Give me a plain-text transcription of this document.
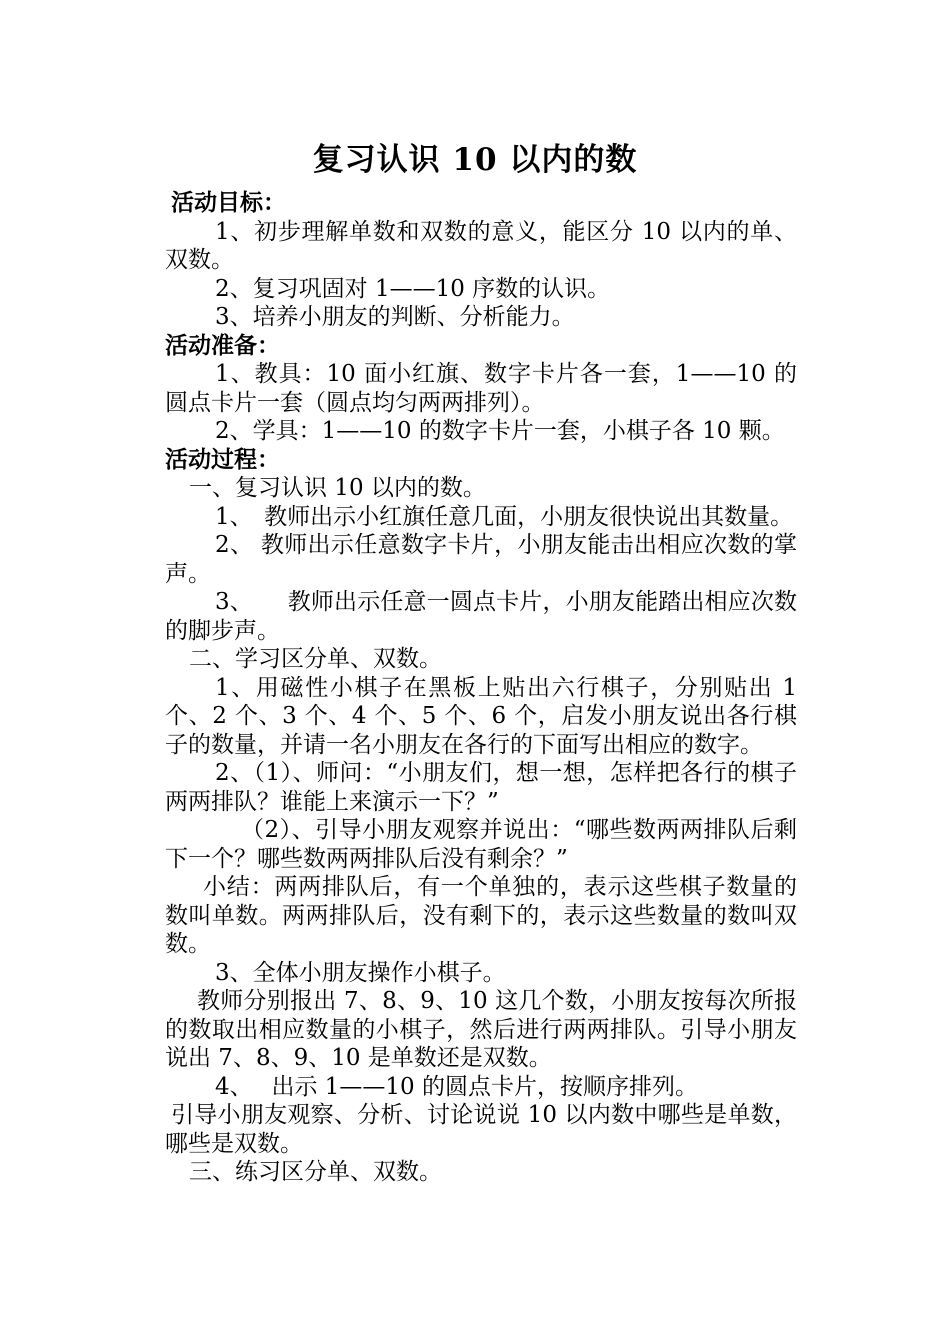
复习认识 10 以内的数

活动目标：

1、初步理解单数和双数的意义，能区分 10 以内的单、双数。

2、复习巩固对 1——10 序数的认识。

3、培养小朋友的判断、分析能力。

活动准备：

1、教具：10 面小红旗、数字卡片各一套，1——10 的圆点卡片一套（圆点均匀两两排列）。

2、学具：1——10 的数字卡片一套，小棋子各 10 颗。

活动过程：

一、复习认识 10 以内的数。

1、　教师出示小红旗任意几面，小朋友很快说出其数量。

2、 教师出示任意数字卡片，小朋友能击出相应次数的掌声。

3、　　教师出示任意一圆点卡片，小朋友能踏出相应次数的脚步声。

二、学习区分单、双数。

1、用磁性小棋子在黑板上贴出六行棋子，分别贴出 1 个、2 个、3 个、4 个、5 个、6 个，启发小朋友说出各行棋子的数量，并请一名小朋友在各行的下面写出相应的数字。

2、（1）、师问：“小朋友们，想一想，怎样把各行的棋子两两排队？谁能上来演示一下？”

（2）、引导小朋友观察并说出：“哪些数两两排队后剩下一个？哪些数两两排队后没有剩余？”

小结：两两排队后，有一个单独的，表示这些棋子数量的数叫单数。两两排队后，没有剩下的，表示这些数量的数叫双数。

3、全体小朋友操作小棋子。

教师分别报出 7、8、9、10 这几个数，小朋友按每次所报的数取出相应数量的小棋子，然后进行两两排队。引导小朋友说出 7、8、9、10 是单数还是双数。

4、　 出示 1——10 的圆点卡片，按顺序排列。

引导小朋友观察、分析、讨论说说 10 以内数中哪些是单数，哪些是双数。

三、练习区分单、双数。
